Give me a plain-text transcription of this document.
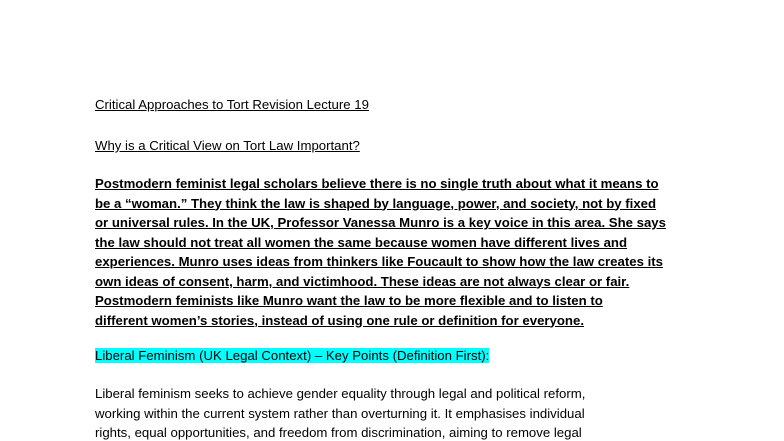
Critical Approaches to Tort Revision Lecture 19
Why is a Critical View on Tort Law Important?
Postmodern feminist legal scholars believe there is no single truth about what it means to
be a “woman.” They think the law is shaped by language, power, and society, not by fixed
or universal rules. In the UK, Professor Vanessa Munro is a key voice in this area. She says
the law should not treat all women the same because women have different lives and
experiences. Munro uses ideas from thinkers like Foucault to show how the law creates its
own ideas of consent, harm, and victimhood. These ideas are not always clear or fair.
Postmodern feminists like Munro want the law to be more flexible and to listen to
different women’s stories, instead of using one rule or definition for everyone.
Liberal Feminism (UK Legal Context) – Key Points (Definition First):
Liberal feminism seeks to achieve gender equality through legal and political reform,
working within the current system rather than overturning it. It emphasises individual
rights, equal opportunities, and freedom from discrimination, aiming to remove legal
